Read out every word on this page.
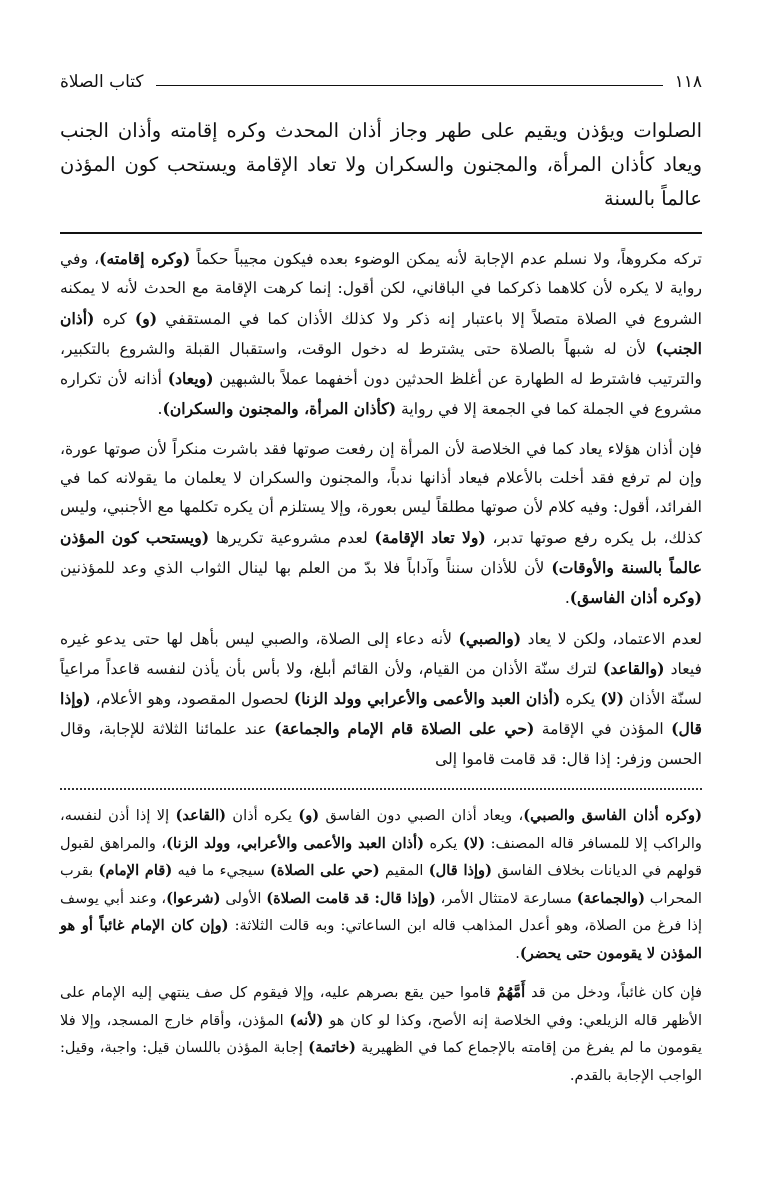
١١٨
كتاب الصلاة
الصلوات ويؤذن ويقيم على طهر وجاز أذان المحدث وكره إقامته وأذان الجنب ويعاد كأذان المرأة، والمجنون والسكران ولا تعاد الإقامة ويستحب كون المؤذن عالماً بالسنة

تركه مكروهاً، ولا نسلم عدم الإجابة لأنه يمكن الوضوء بعده فيكون مجيباً حكماً (وكره إقامته)، وفي رواية لا يكره لأن كلاهما ذكركما في الباقاني، لكن أقول: إنما كرهت الإقامة مع الحدث لأنه لا يمكنه الشروع في الصلاة متصلاً إلا باعتبار إنه ذكر ولا كذلك الأذان كما في المستقفي (و) كره (أذان الجنب) لأن له شبهاً بالصلاة حتى يشترط له دخول الوقت، واستقبال القبلة والشروع بالتكبير، والترتيب فاشترط له الطهارة عن أغلظ الحدثين دون أخفهما عملاً بالشبهين (ويعاد) أذانه لأن تكراره مشروع في الجملة كما في الجمعة إلا في رواية (كأذان المرأة، والمجنون والسكران).

فإن أذان هؤلاء يعاد كما في الخلاصة لأن المرأة إن رفعت صوتها فقد باشرت منكراً لأن صوتها عورة، وإن لم ترفع فقد أخلت بالأعلام فيعاد أذانها ندباً، والمجنون والسكران لا يعلمان ما يقولانه كما في الفرائد، أقول: وفيه كلام لأن صوتها مطلقاً ليس بعورة، وإلا يستلزم أن يكره تكلمها مع الأجنبي، وليس كذلك، بل يكره رفع صوتها تدبر، (ولا تعاد الإقامة) لعدم مشروعية تكريرها (ويستحب كون المؤذن عالماً بالسنة والأوقات) لأن للأذان سنناً وآداباً فلا بدّ من العلم بها لينال الثواب الذي وعد للمؤذنين (وكره أذان الفاسق).

لعدم الاعتماد، ولكن لا يعاد (والصبي) لأنه دعاء إلى الصلاة، والصبي ليس بأهل لها حتى يدعو غيره فيعاد (والقاعد) لترك سنّة الأذان من القيام، ولأن القائم أبلغ، ولا بأس بأن يأذن لنفسه قاعداً مراعياً لسنّة الأذان (لا) يكره (أذان العبد والأعمى والأعرابي وولد الزنا) لحصول المقصود، وهو الأعلام، (وإذا قال) المؤذن في الإقامة (حي على الصلاة قام الإمام والجماعة) عند علمائنا الثلاثة للإجابة، وقال الحسن وزفر: إذا قال: قد قامت قاموا إلى

(وكره أذان الفاسق والصبي)، ويعاد أذان الصبي دون الفاسق (و) يكره أذان (القاعد) إلا إذا أذن لنفسه، والراكب إلا للمسافر قاله المصنف: (لا) يكره (أذان العبد والأعمى والأعرابي، وولد الزنا)، والمراهق لقبول قولهم في الديانات بخلاف الفاسق (وإذا قال) المقيم (حي على الصلاة) سيجيء ما فيه (قام الإمام) بقرب المحراب (والجماعة) مسارعة لامتثال الأمر، (وإذا قال: قد قامت الصلاة) الأولى (شرعوا)، وعند أبي يوسف إذا فرغ من الصلاة، وهو أعدل المذاهب قاله ابن الساعاتي: وبه قالت الثلاثة: (وإن كان الإمام غائباً أو هو المؤذن لا يقومون حتى يحضر).

فإن كان غائباً، ودخل من قد أَمَّهُمْ قاموا حين يقع بصرهم عليه، وإلا فيقوم كل صف ينتهي إليه الإمام على الأظهر قاله الزيلعي: وفي الخلاصة إنه الأصح، وكذا لو كان هو (لأنه) المؤذن، وأقام خارج المسجد، وإلا فلا يقومون ما لم يفرغ من إقامته بالإجماع كما في الظهيرية (خاتمة) إجابة المؤذن باللسان قيل: واجبة، وقيل: الواجب الإجابة بالقدم.
